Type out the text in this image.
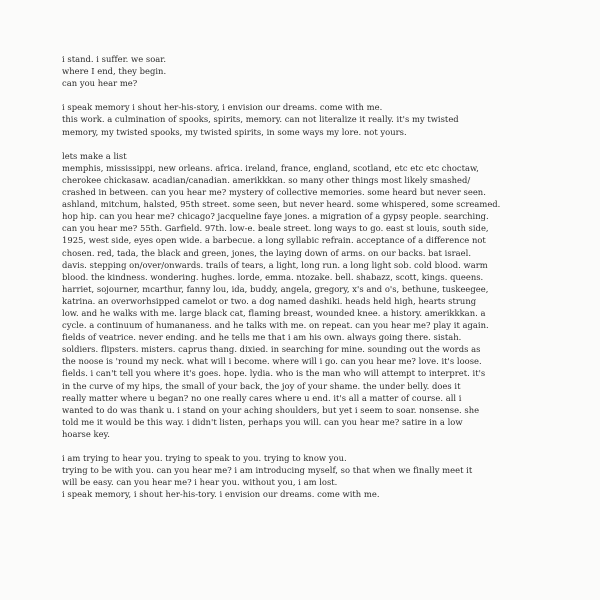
i stand. i suffer. we soar.
where I end, they begin.
can you hear me?
i speak memory i shout her-his-story, i envision our dreams. come with me.
this work. a culmination of spooks, spirits, memory. can not literalize it really. it's my twisted
memory, my twisted spooks, my twisted spirits, in some ways my lore. not yours.
lets make a list
memphis, mississippi, new orleans. africa. ireland, france, england, scotland, etc etc etc choctaw,
cherokee chickasaw. acadian/canadian. amerikkkan. so many other things most likely smashed/
crashed in between. can you hear me? mystery of collective memories. some heard but never seen.
ashland, mitchum, halsted, 95th street. some seen, but never heard. some whispered, some screamed.
hop hip. can you hear me? chicago? jacqueline faye jones. a migration of a gypsy people. searching.
can you hear me? 55th. Garfield. 97th. low-e. beale street. long ways to go. east st louis, south side,
1925, west side, eyes open wide. a barbecue. a long syllabic refrain. acceptance of a difference not
chosen. red, tada, the black and green, jones, the laying down of arms. on our backs. bat israel.
davis. stepping on/over/onwards. trails of tears, a light, long run. a long light sob. cold blood. warm
blood. the kindness. wondering. hughes. lorde, emma. ntozake. bell. shabazz, scott, kings. queens.
harriet, sojourner, mcarthur, fanny lou, ida, buddy, angela, gregory, x's and o's, bethune, tuskeegee,
katrina. an overworhsipped camelot or two. a dog named dashiki. heads held high, hearts strung
low. and he walks with me. large black cat, flaming breast, wounded knee. a history. amerikkkan. a
cycle. a continuum of humananess. and he talks with me. on repeat. can you hear me? play it again.
fields of veatrice. never ending. and he tells me that i am his own. always going there. sistah.
soldiers. flipsters. misters. caprus thang. dixied. in searching for mine. sounding out the words as
the noose is 'round my neck. what will i become. where will i go. can you hear me? love. it's loose.
fields. i can't tell you where it's goes. hope. lydia. who is the man who will attempt to interpret. it's
in the curve of my hips, the small of your back, the joy of your shame. the under belly. does it
really matter where u began? no one really cares where u end. it's all a matter of course. all i
wanted to do was thank u. i stand on your aching shoulders, but yet i seem to soar. nonsense. she
told me it would be this way. i didn't listen, perhaps you will. can you hear me? satire in a low
hoarse key.
i am trying to hear you. trying to speak to you. trying to know you.
trying to be with you. can you hear me? i am introducing myself, so that when we finally meet it
will be easy. can you hear me? i hear you. without you, i am lost.
i speak memory, i shout her-his-tory. i envision our dreams. come with me.
